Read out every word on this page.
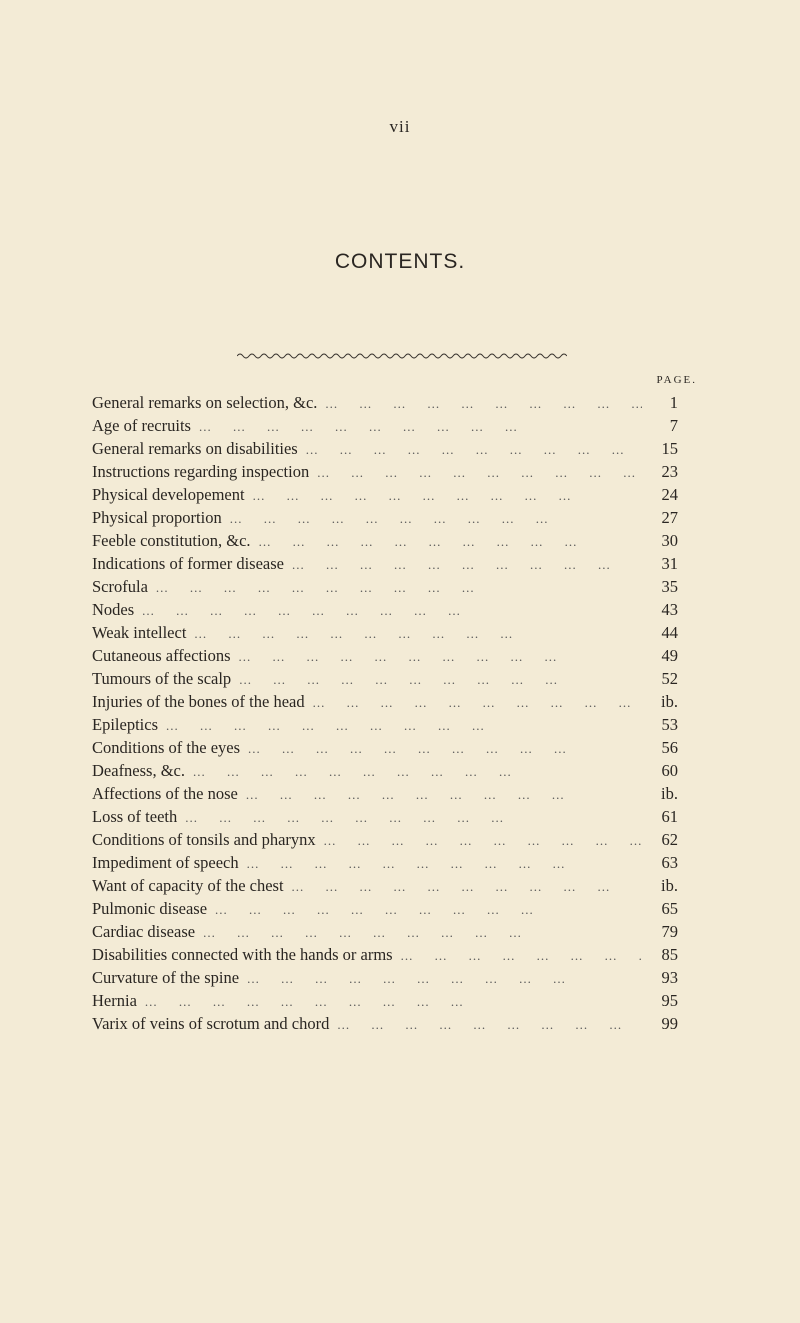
vii
CONTENTS.
PAGE.
General remarks on selection, &c. ...	1
Age of recruits ...	7
General remarks on disabilities ...	15
Instructions regarding inspection ...	23
Physical developement ...	24
Physical proportion ...	27
Feeble constitution, &c. ...	30
Indications of former disease ...	31
Scrofula ...	35
Nodes ...	43
Weak intellect ...	44
Cutaneous affections ...	49
Tumours of the scalp ...	52
Injuries of the bones of the head ...	ib.
Epileptics ...	53
Conditions of the eyes ...	56
Deafness, &c. ...	60
Affections of the nose ...	ib.
Loss of teeth ...	61
Conditions of tonsils and pharynx ...	62
Impediment of speech ...	63
Want of capacity of the chest ...	ib.
Pulmonic disease ...	65
Cardiac disease ...	79
Disabilities connected with the hands or arms ...	85
Curvature of the spine ...	93
Hernia ...	95
Varix of veins of scrotum and chord ...	99
